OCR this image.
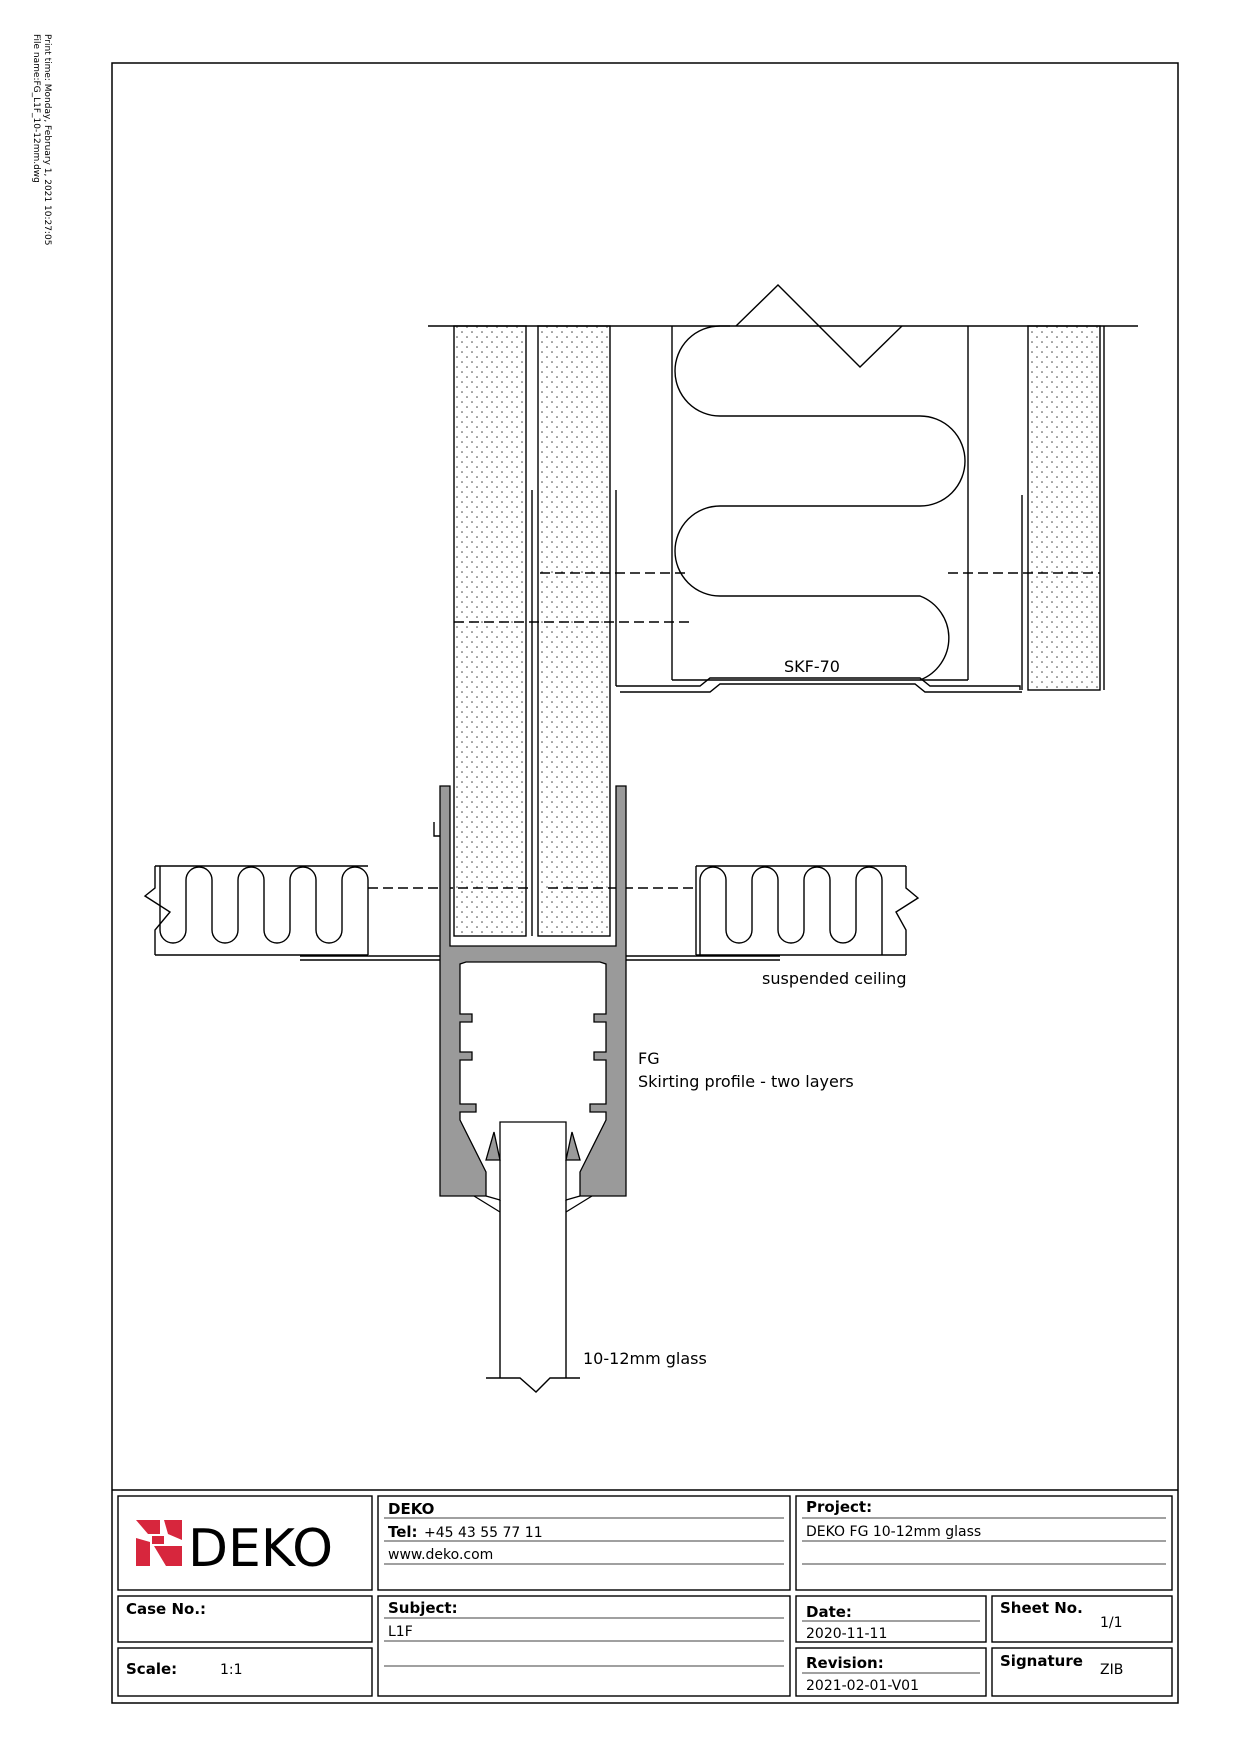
Print time: Monday, February 1, 2021 10:27:05
File name:FG_L1F_10-12mm.dwg
SKF-70
suspended ceiling
FG
Skirting profile - two layers
10-12mm glass
DEKO
DEKO
Tel: +45 43 55 77 11
www.deko.com
Project:
DEKO FG 10-12mm glass
Case No.:	Subject:
L1F
Date:
2020-11-11
Sheet No.
1/1
Scale:	1:1	Revision:
2021-02-01-V01
Signature ZIB
